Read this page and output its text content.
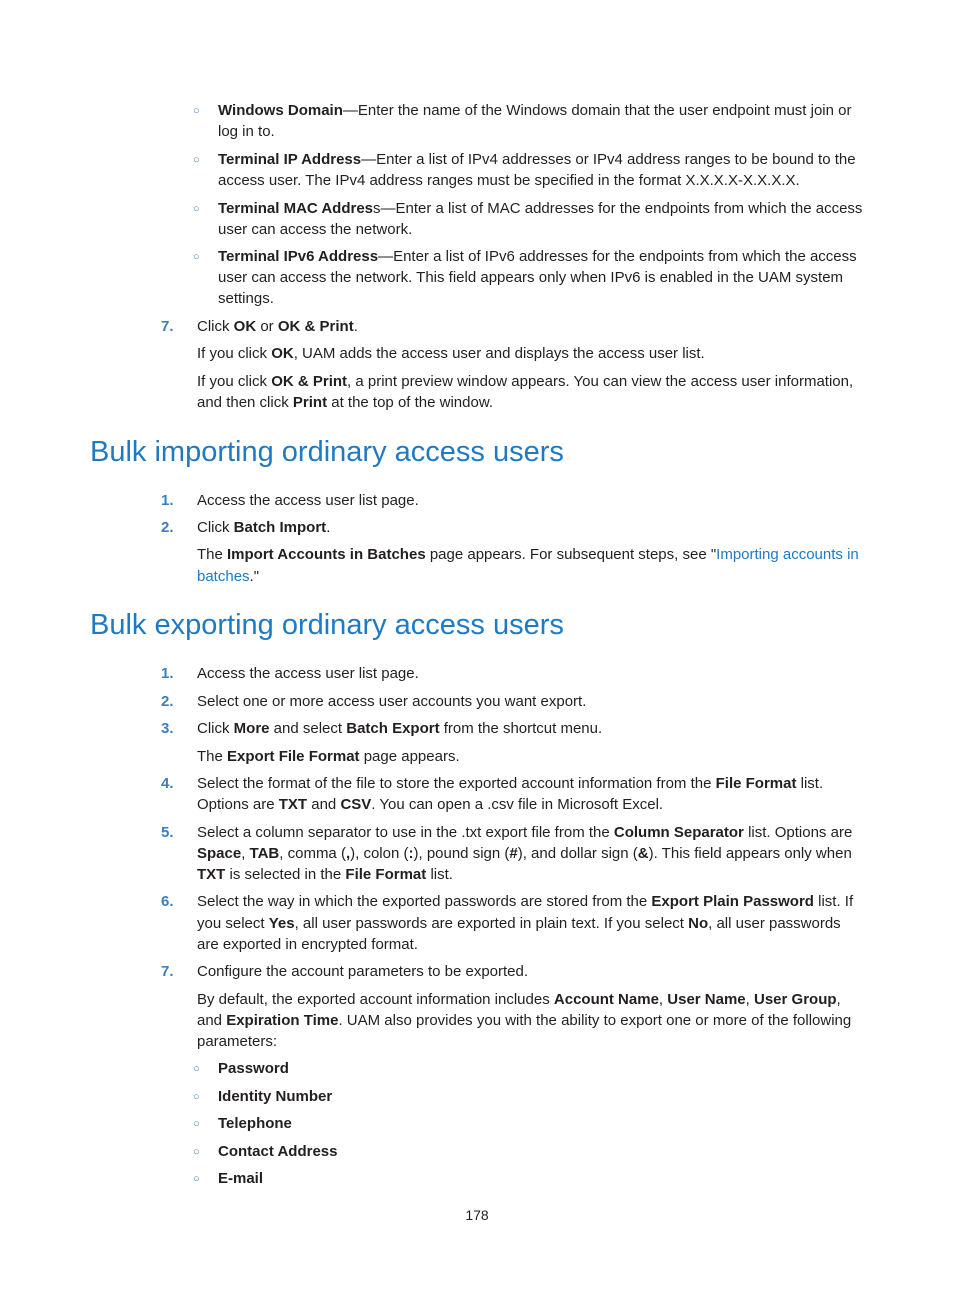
○ Windows Domain—Enter the name of the Windows domain that the user endpoint must join or
log in to.
○ Terminal IP Address—Enter a list of IPv4 addresses or IPv4 address ranges to be bound to the
access user. The IPv4 address ranges must be specified in the format X.X.X.X-X.X.X.X.
○ Terminal MAC Address—Enter a list of MAC addresses for the endpoints from which the access
user can access the network.
○ Terminal IPv6 Address—Enter a list of IPv6 addresses for the endpoints from which the access
user can access the network. This field appears only when IPv6 is enabled in the UAM system
settings.
7. Click OK or OK & Print.
If you click OK, UAM adds the access user and displays the access user list.
If you click OK & Print, a print preview window appears. You can view the access user information,
and then click Print at the top of the window.
Bulk importing ordinary access users
1. Access the access user list page.
2. Click Batch Import.
The Import Accounts in Batches page appears. For subsequent steps, see "Importing accounts in
batches."
Bulk exporting ordinary access users
1. Access the access user list page.
2. Select one or more access user accounts you want export.
3. Click More and select Batch Export from the shortcut menu.
The Export File Format page appears.
4. Select the format of the file to store the exported account information from the File Format list.
Options are TXT and CSV. You can open a .csv file in Microsoft Excel.
5. Select a column separator to use in the .txt export file from the Column Separator list. Options are
Space, TAB, comma (,), colon (:), pound sign (#), and dollar sign (&). This field appears only when
TXT is selected in the File Format list.
6. Select the way in which the exported passwords are stored from the Export Plain Password list. If
you select Yes, all user passwords are exported in plain text. If you select No, all user passwords
are exported in encrypted format.
7. Configure the account parameters to be exported.
By default, the exported account information includes Account Name, User Name, User Group,
and Expiration Time. UAM also provides you with the ability to export one or more of the following
parameters:
○ Password
○ Identity Number
○ Telephone
○ Contact Address
○ E-mail
178
